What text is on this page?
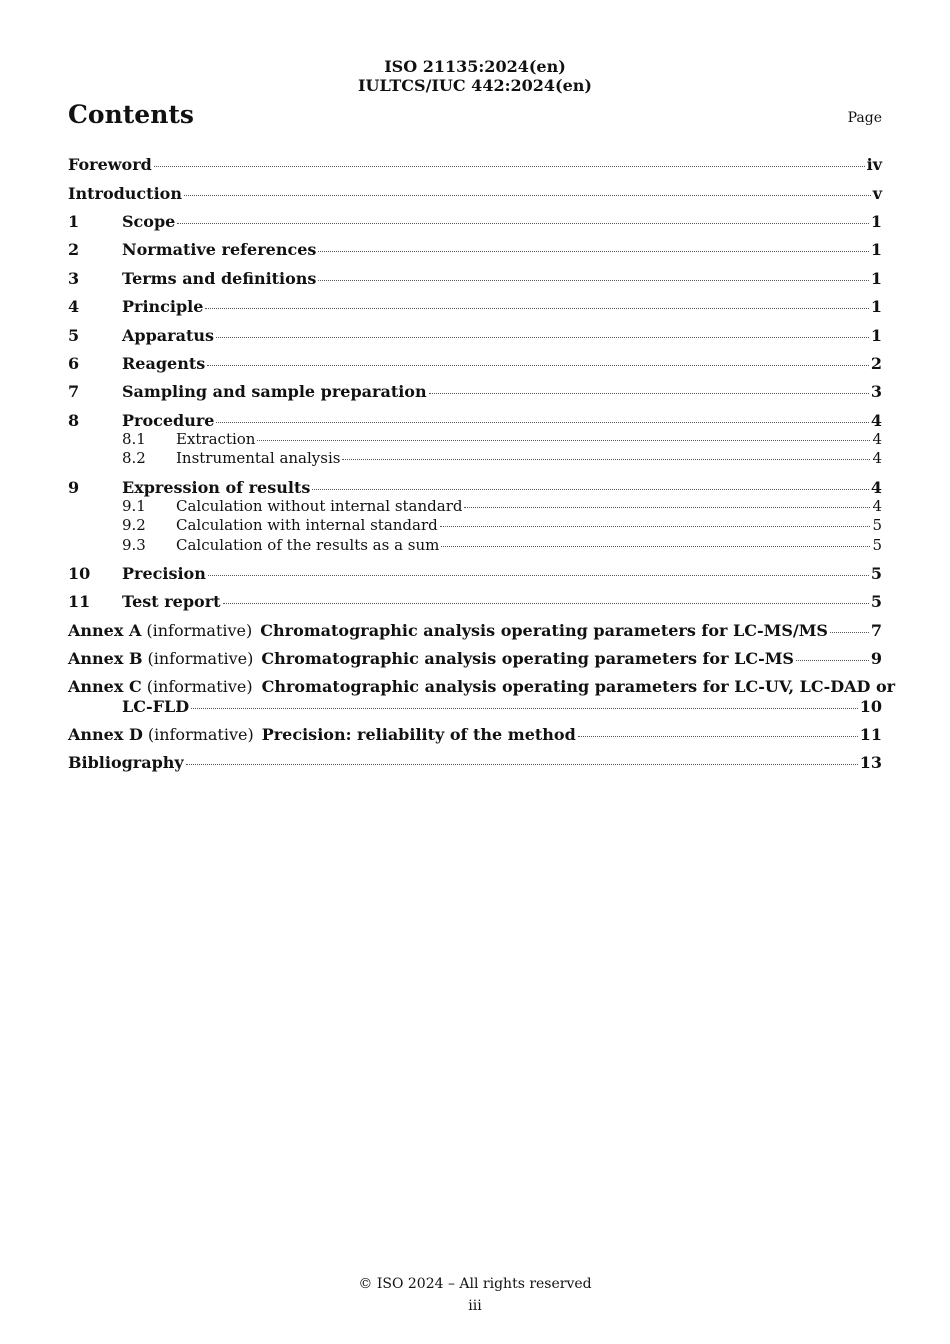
ISO 21135:2024(en)
IULTCS/IUC 442:2024(en)
Contents	Page
Foreword	iv
Introduction	v
1	Scope	1
2	Normative references	1
3	Terms and definitions	1
4	Principle	1
5	Apparatus	1
6	Reagents	2
7	Sampling and sample preparation	3
8	Procedure	4
8.1	Extraction	4
8.2	Instrumental analysis	4
9	Expression of results	4
9.1	Calculation without internal standard	4
9.2	Calculation with internal standard	5
9.3	Calculation of the results as a sum	5
10	Precision	5
11	Test report	5
Annex A (informative) Chromatographic analysis operating parameters for LC-MS/MS	7
Annex B (informative) Chromatographic analysis operating parameters for LC-MS	9
Annex C (informative) Chromatographic analysis operating parameters for LC-UV, LC-DAD or
LC-FLD	10
Annex D (informative) Precision: reliability of the method	11
Bibliography	13
© ISO 2024 – All rights reserved
iii
